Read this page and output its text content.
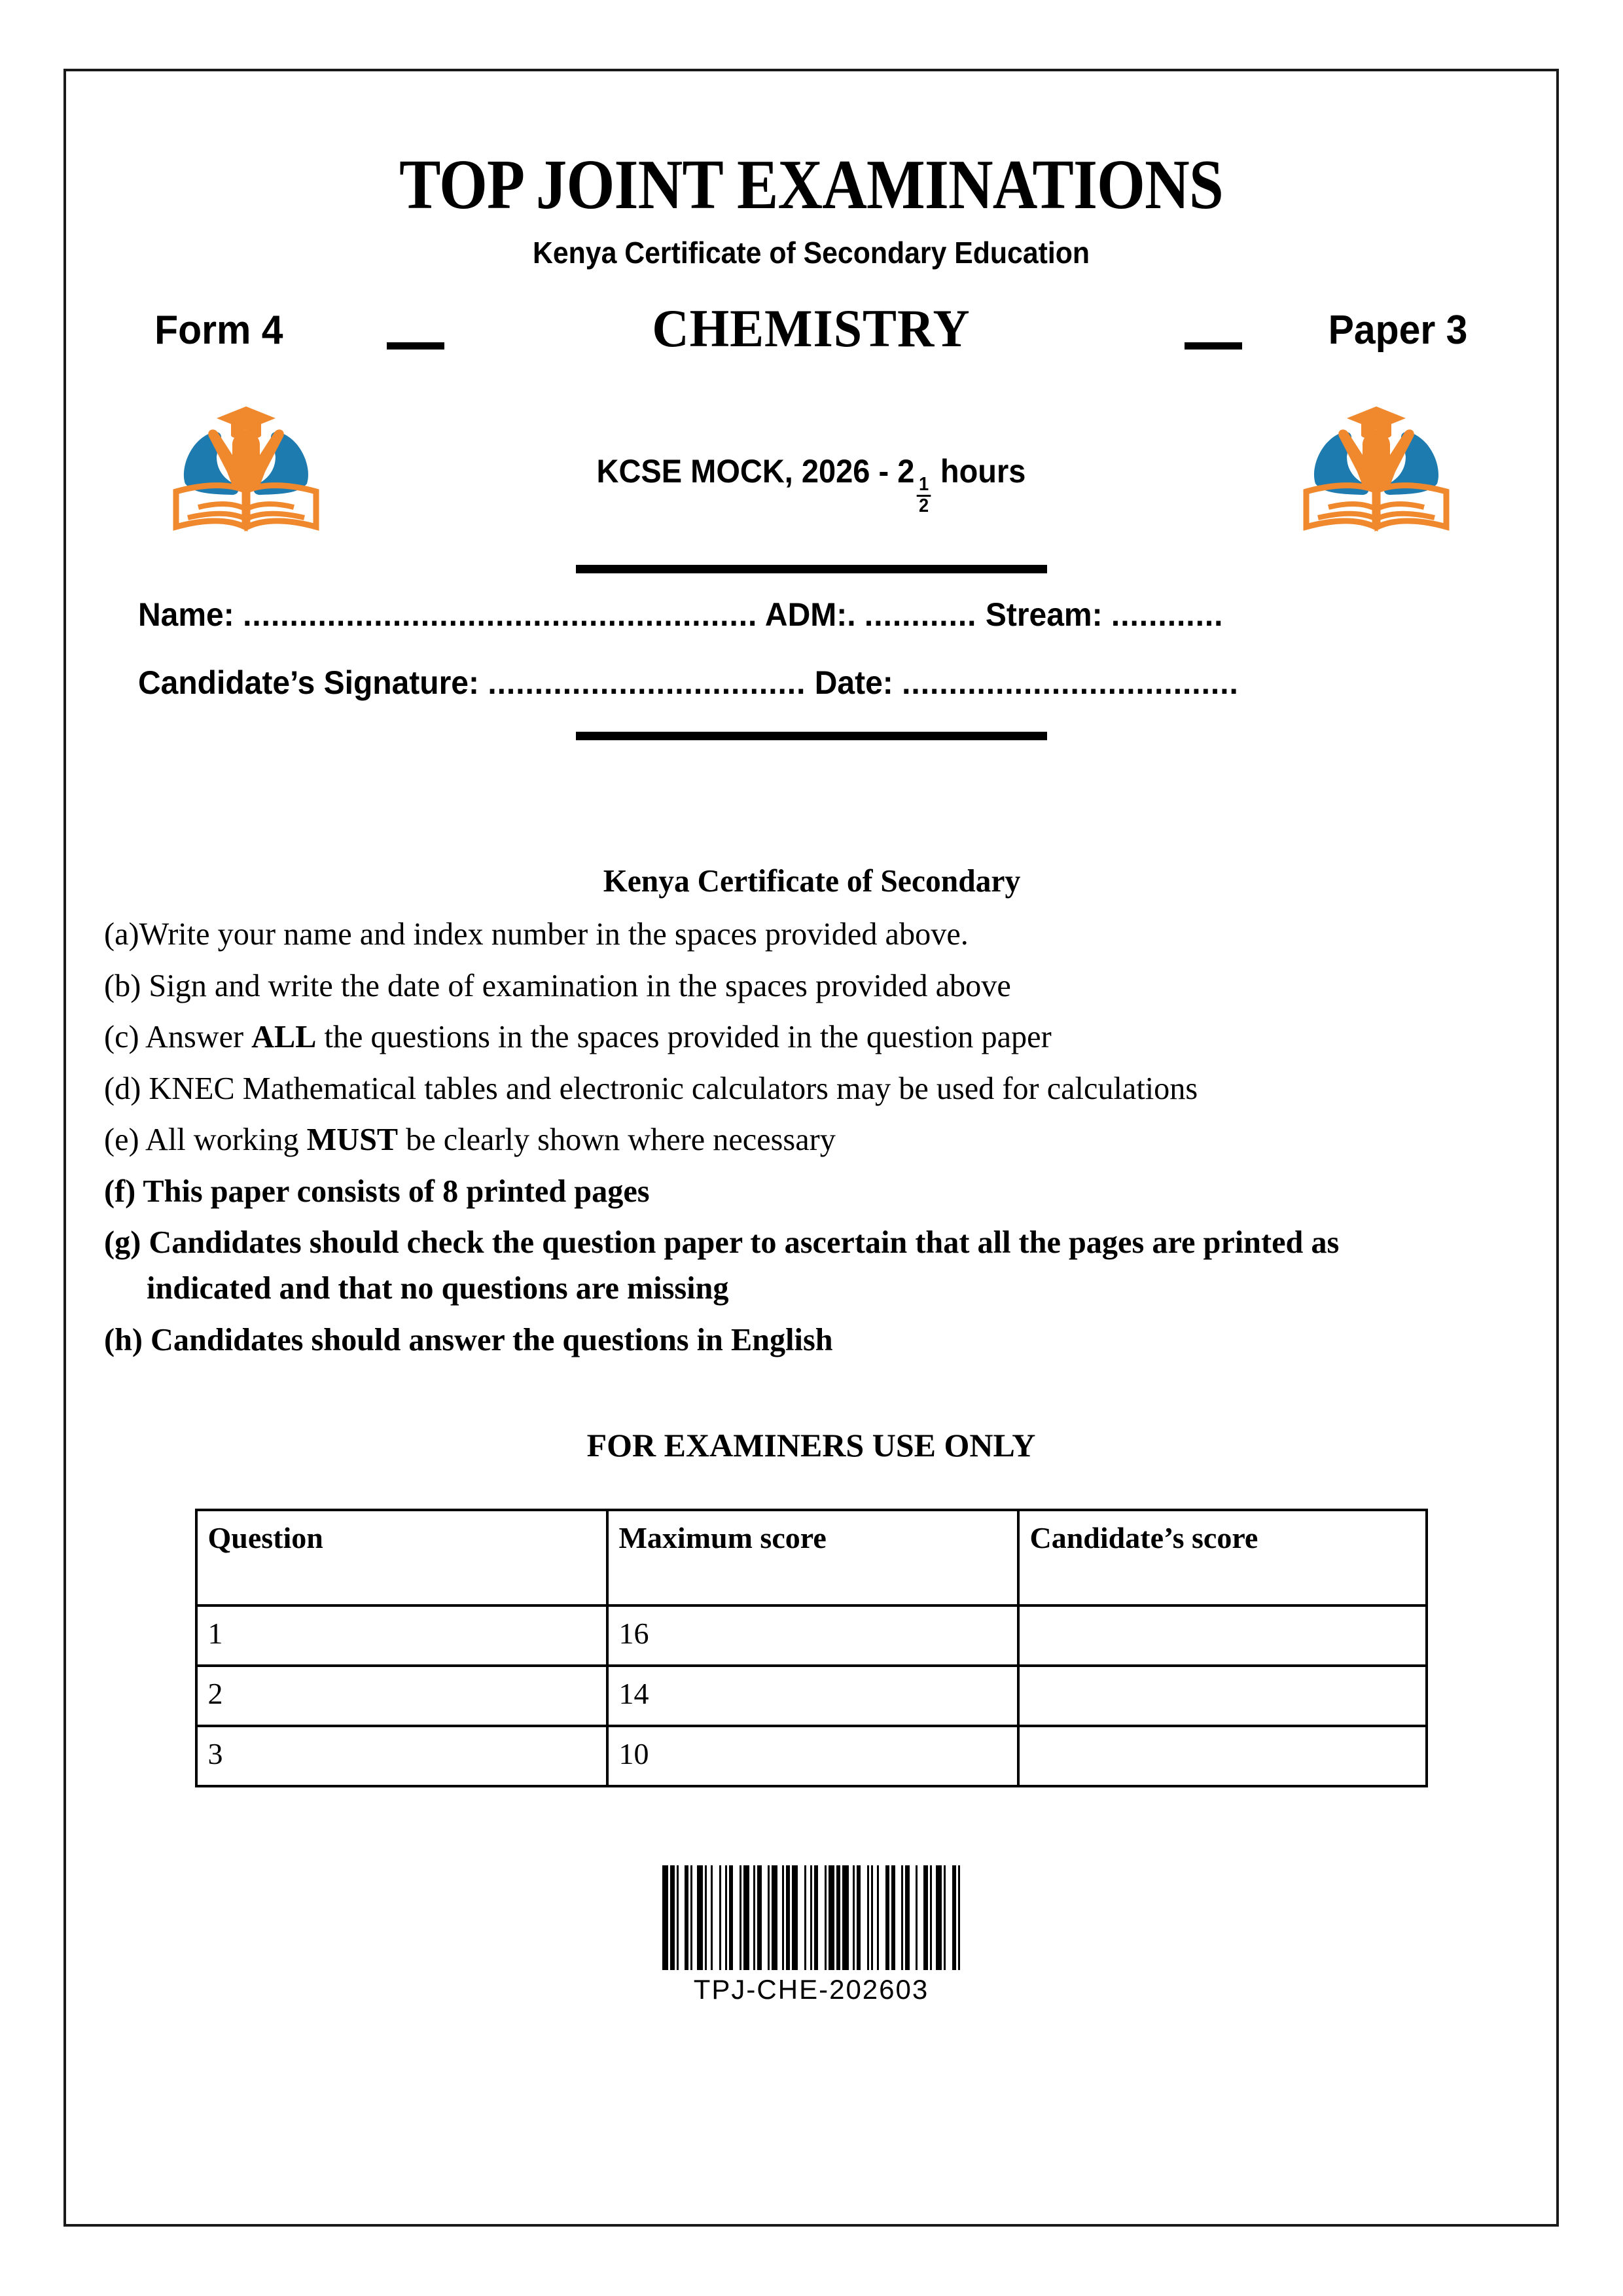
TOP JOINT EXAMINATIONS
Kenya Certificate of Secondary Education
Form 4	CHEMISTRY	Paper 3
KCSE MOCK, 2026 - 2
$\frac{1}{2}$
hours
Name: ....................................................... ADM:. ............ Stream: ............
Candidate’s Signature: .................................. Date: ....................................
Kenya Certificate of Secondary

(a)Write your name and index number in the spaces provided above.

(b) Sign and write the date of examination in the spaces provided above

(c) Answer ALL the questions in the spaces provided in the question paper

(d) KNEC Mathematical tables and electronic calculators may be used for calculations

(e) All working MUST be clearly shown where necessary

(f) This paper consists of 8 printed pages

(g) Candidates should check the question paper to ascertain that all the pages are printed as
indicated and that no questions are missing

(h) Candidates should answer the questions in English

FOR EXAMINERS USE ONLY
Question	Maximum score	Candidate’s score
1	16	
2	14	
3	10	
TPJ-CHE-202603
